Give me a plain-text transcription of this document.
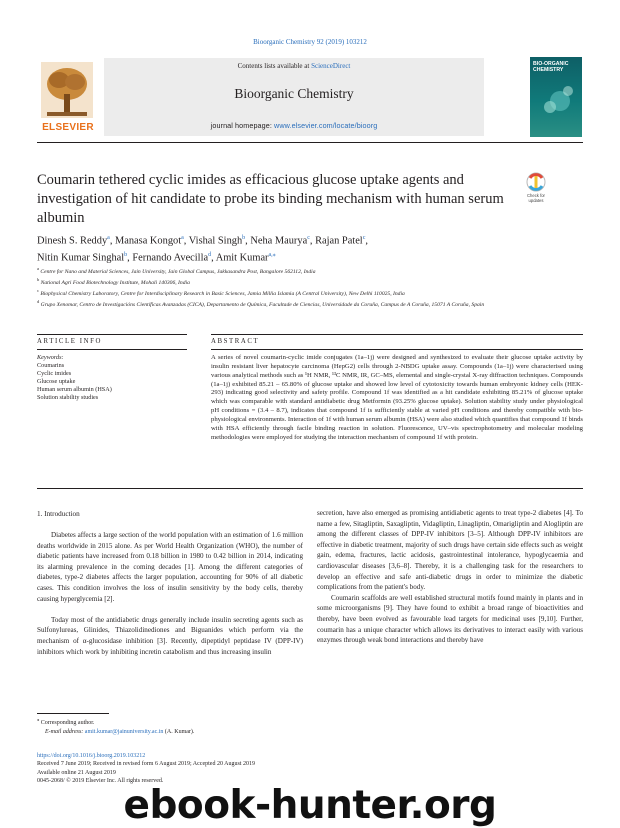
Bioorganic Chemistry 92 (2019) 103212
Contents lists available at ScienceDirect
Bioorganic Chemistry
journal homepage: www.elsevier.com/locate/bioorg
ELSEVIER
BIO-ORGANIC
CHEMISTRY
Coumarin tethered cyclic imides as efficacious glucose uptake agents and investigation of hit candidate to probe its binding mechanism with human serum albumin
Check for
updates
Dinesh S. Reddy$^a$, Manasa Kongot$^a$, Vishal Singh$^b$, Neha Maurya$^c$, Rajan Patel$^c$,
Nitin Kumar Singhal$^b$, Fernando Avecilla$^d$, Amit Kumar$^{a,⁎}$
$^a$ Centre for Nano and Material Sciences, Jain University, Jain Global Campus, Jakkasandra Post, Bangalore 562112, India
$^b$ National Agri Food Biotechnology Institute, Mohali 140306, India
$^c$ Biophysical Chemistry Laboratory, Centre for Interdisciplinary Research in Basic Sciences, Jamia Millia Islamia (A Central University), New Delhi 110025, India
$^d$ Grupo Xenomar, Centro de Investigacións Científicas Avanzadas (CICA), Departamento de Química, Facultade de Ciencias, Universidade da Coruña, Campus de A Coruña, 15071 A Coruña, Spain
ARTICLE INFO	ABSTRACT
Keywords:
Coumarins
Cyclic imides
Glucose uptake
Human serum albumin (HSA)
Solution stability studies
A series of novel coumarin-cyclic imide conjugates (1a–1j) were designed and synthesized to evaluate their glucose uptake activity by insulin resistant liver hepatocyte carcinoma (HepG2) cells through 2-NBDG uptake assay. Compounds (1a–1j) were characterised using various analytical methods such as ¹H NMR, ¹³C NMR, IR, GC–MS, elemental and single-crystal X-ray diffraction techniques. Compounds (1a–1j) exhibited 85.21 – 65.80% of glucose uptake and showed low level of cytotoxicity towards human embryonic kidney cells (HEK-293) indicating good selectivity and safety profile. Compound 1f was identified as a hit candidate exhibiting 85.21% of glucose uptake which was comparable with standard antidiabetic drug Metformin (93.25% glucose uptake). Solution stability study under physiological pH conditions = (3.4 – 8.7), indicates that compound 1f is sufficiently stable at varied pH conditions and thereby compatible with bio-physiological environments. Interaction of 1f with human serum albumin (HSA) were also studied which quantifies that compound 1f binds with HSA efficiently through facile binding reaction in solution. Fluorescence, UV–vis spectrophotometry and molecular modeling methodologies were employed for studying the interaction mechanism of compound 1f with protein.
1. Introduction

Diabetes affects a large section of the world population with an estimation of 1.6 million deaths worldwide in 2015 alone. As per World Health Organization (WHO), the number of diabetic patients have increased from 0.18 billion in 1980 to 0.42 billion in 2014, indicating its alarming prevalence in the coming decades [1]. Among the different categories of diabetes, type-2 diabetes affects the larger population, accounting for 90% of all diabetic cases. This condition involves the loss of insulin sensitivity by the body cells, thereby causing hyperglycemia [2].

Today most of the antidiabetic drugs generally include insulin secreting agents such as Sulfonylureas, Glinides, Thiazolidinediones and Biguanides which perform via the mechanism of α-glucosidase inhibition [3]. Recently, dipeptidyl peptidase IV (DPP-IV) inhibitors which work by inhibiting incretin catabolism and thus increasing insulin

secretion, have also emerged as promising antidiabetic agents to treat type-2 diabetes [4]. To name a few, Sitagliptin, Saxagliptin, Vidagliptin, Linagliptin, Omarigliptin and Alogliptin are among the different classes of DPP-IV inhibitors [3–5]. Although DPP-IV inhibitors are effective in diabetic treatment, majority of such drugs have certain side effects such as weight gain, edema, fractures, lactic acidosis, gastrointestinal intolerance, hypoglycaemia and cardiovascular diseases [3,6–8]. Thereby, it is a challenging task for the researchers to develop an effective and safe anti-diabetic drugs in order to minimize the diabetic complications from the patient's body.

Coumarin scaffolds are well established structural motifs found mainly in plants and in some microorganisms [9]. They have found to exhibit a broad range of bioactivities and thereby, have been evolved as favourable lead targets for medicinal uses [9,10]. Further, coumarin has a unique character which allows its derivatives to interact easily with various enzymes through weak bond interactions and thereby have

⁎ Corresponding author.
E-mail address: amit.kumar@jainuniversity.ac.in (A. Kumar).
https://doi.org/10.1016/j.bioorg.2019.103212
Received 7 June 2019; Received in revised form 6 August 2019; Accepted 20 August 2019
Available online 21 August 2019
0045-2068/ © 2019 Elsevier Inc. All rights reserved.
ebook-hunter.org
